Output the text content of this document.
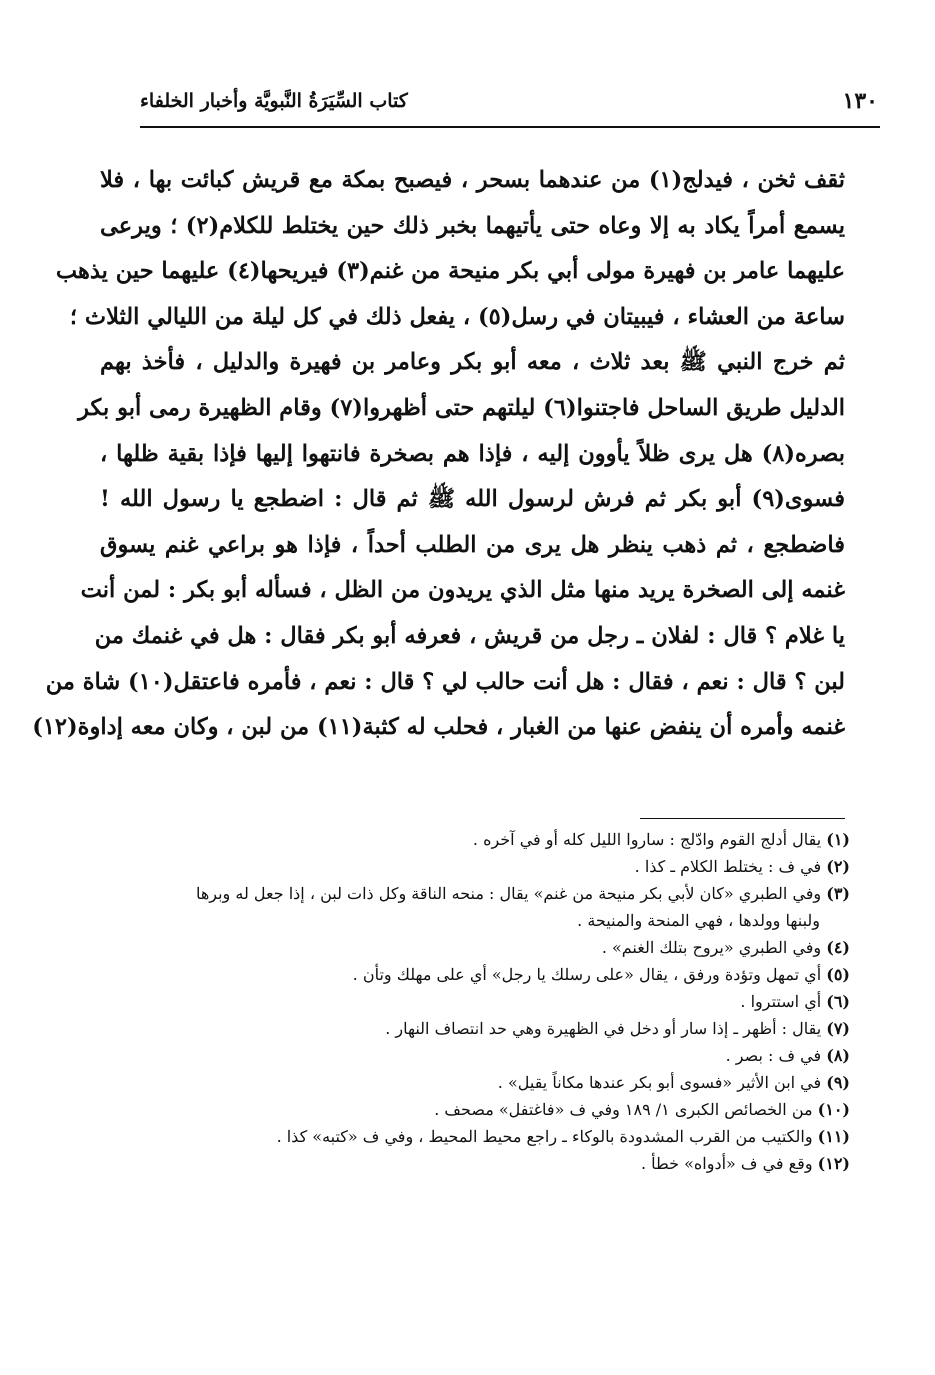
كتاب السِّيَرَةُ النَّبويَّة وأخبار الخلفاء	١٣٠
ثقف ثخن ، فيدلج(١) من عندهما بسحر ، فيصبح بمكة مع قريش كبائت بها ، فلا
يسمع أمراً يكاد به إلا وعاه حتى يأتيهما بخبر ذلك حين يختلط للكلام(٢) ؛ ويرعى
عليهما عامر بن فهيرة مولى أبي بكر منيحة من غنم(٣) فيريحها(٤) عليهما حين يذهب
ساعة من العشاء ، فيبيتان في رسل(٥) ، يفعل ذلك في كل ليلة من الليالي الثلاث ؛
ثم خرج النبي ﷺ بعد ثلاث ، معه أبو بكر وعامر بن فهيرة والدليل ، فأخذ بهم
الدليل طريق الساحل فاجتنوا(٦) ليلتهم حتى أظهروا(٧) وقام الظهيرة رمى أبو بكر
بصره(٨) هل يرى ظلاً يأوون إليه ، فإذا هم بصخرة فانتهوا إليها فإذا بقية ظلها ،
فسوى(٩) أبو بكر ثم فرش لرسول الله ﷺ ثم قال : اضطجع يا رسول الله !
فاضطجع ، ثم ذهب ينظر هل يرى من الطلب أحداً ، فإذا هو براعي غنم يسوق
غنمه إلى الصخرة يريد منها مثل الذي يريدون من الظل ، فسأله أبو بكر : لمن أنت
يا غلام ؟ قال : لفلان ـ رجل من قريش ، فعرفه أبو بكر فقال : هل في غنمك من
لبن ؟ قال : نعم ، فقال : هل أنت حالب لي ؟ قال : نعم ، فأمره فاعتقل(١٠) شاة من
غنمه وأمره أن ينفض عنها من الغبار ، فحلب له كثبة(١١) من لبن ، وكان معه إداوة(١٢)
(١) يقال أدلج القوم وادّلج : ساروا الليل كله أو في آخره .
(٢) في ف : يختلط الكلام ـ كذا .
(٣) وفي الطبري «كان لأبي بكر منيحة من غنم» يقال : منحه الناقة وكل ذات لبن ، إذا جعل له وبرها
ولبنها وولدها ، فهي المنحة والمنيحة .
(٤) وفي الطبري «يروح بتلك الغنم» .
(٥) أي تمهل وتؤدة ورفق ، يقال «على رسلك يا رجل» أي على مهلك وتأن .
(٦) أي استتروا .
(٧) يقال : أظهر ـ إذا سار أو دخل في الظهيرة وهي حد انتصاف النهار .
(٨) في ف : بصر .
(٩) في ابن الأثير «فسوى أبو بكر عندها مكاناً يقيل» .
(١٠) من الخصائص الكبرى ١/ ١٨٩ وفي ف «فاغتفل» مصحف .
(١١) والكتيب من القرب المشدودة بالوكاء ـ راجع محيط المحيط ، وفي ف «كتبه» كذا .
(١٢) وقع في ف «أدواه» خطأ .
